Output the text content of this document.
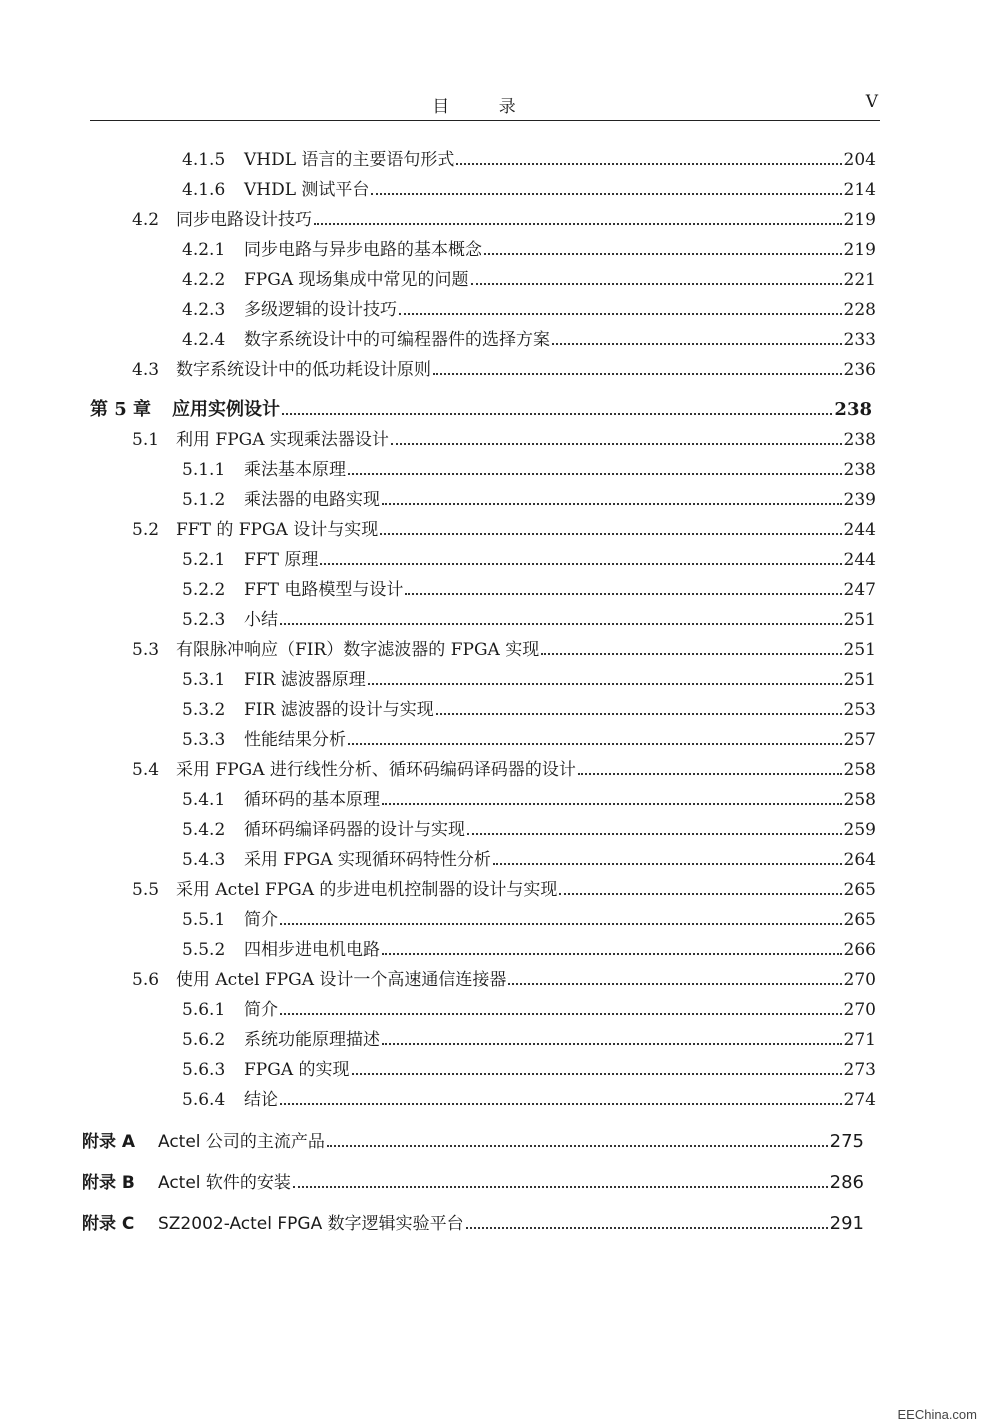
目 录	V
4.1.5	VHDL 语言的主要语句形式	204
4.1.6	VHDL 测试平台	214
4.2 同步电路设计技巧	219
4.2.1	同步电路与异步电路的基本概念	219
4.2.2	FPGA 现场集成中常见的问题	221
4.2.3	多级逻辑的设计技巧	228
4.2.4	数字系统设计中的可编程器件的选择方案	233
4.3 数字系统设计中的低功耗设计原则	236
第 5 章	应用实例设计	238
5.1 利用 FPGA 实现乘法器设计	238
5.1.1	乘法基本原理	238
5.1.2	乘法器的电路实现	239
5.2 FFT 的 FPGA 设计与实现	244
5.2.1	FFT 原理	244
5.2.2	FFT 电路模型与设计	247
5.2.3	小结	251
5.3 有限脉冲响应（FIR）数字滤波器的 FPGA 实现	251
5.3.1	FIR 滤波器原理	251
5.3.2	FIR 滤波器的设计与实现	253
5.3.3	性能结果分析	257
5.4 采用 FPGA 进行线性分析、循环码编码译码器的设计	258
5.4.1	循环码的基本原理	258
5.4.2	循环码编译码器的设计与实现	259
5.4.3	采用 FPGA 实现循环码特性分析	264
5.5 采用 Actel FPGA 的步进电机控制器的设计与实现	265
5.5.1	简介	265
5.5.2	四相步进电机电路	266
5.6 使用 Actel FPGA 设计一个高速通信连接器	270
5.6.1	简介	270
5.6.2	系统功能原理描述	271
5.6.3	FPGA 的实现	273
5.6.4	结论	274
附录 A	Actel 公司的主流产品	275
附录 B	Actel 软件的安装	286
附录 C	SZ2002-Actel FPGA 数字逻辑实验平台	291
EEChina.com
